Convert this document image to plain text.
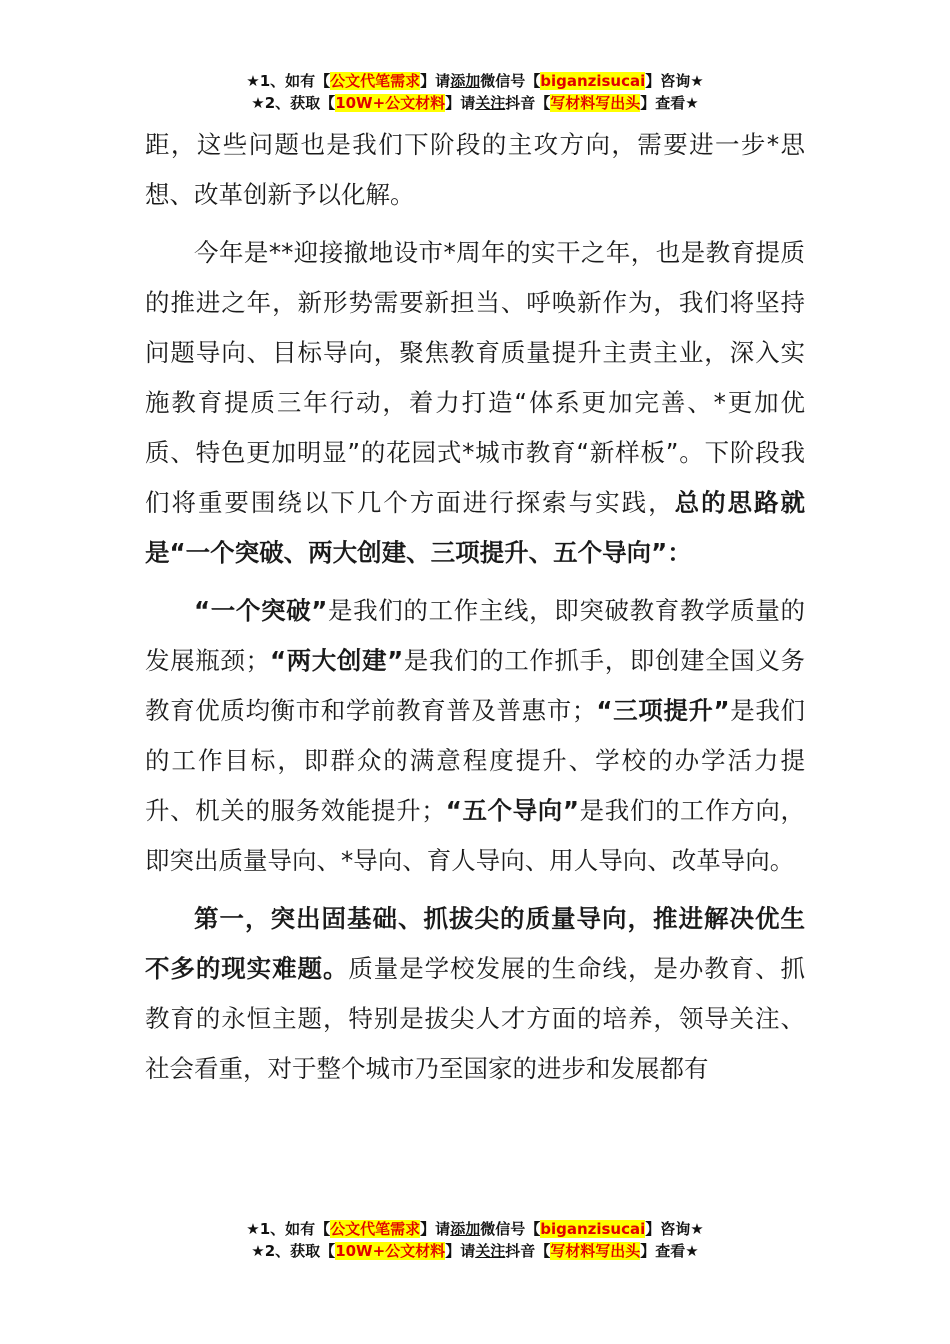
★1、如有【公文代笔需求】请添加微信号【biganzisucai】咨询★
★2、获取【10W+公文材料】请关注抖音【写材料写出头】查看★

距，这些问题也是我们下阶段的主攻方向，需要进一步*思想、改革创新予以化解。

今年是**迎接撤地设市*周年的实干之年，也是教育提质的推进之年，新形势需要新担当、呼唤新作为，我们将坚持问题导向、目标导向，聚焦教育质量提升主责主业，深入实施教育提质三年行动，着力打造“体系更加完善、*更加优质、特色更加明显”的花园式*城市教育“新样板”。下阶段我们将重要围绕以下几个方面进行探索与实践，总的思路就是“一个突破、两大创建、三项提升、五个导向”：

“一个突破”是我们的工作主线，即突破教育教学质量的发展瓶颈；“两大创建”是我们的工作抓手，即创建全国义务教育优质均衡市和学前教育普及普惠市；“三项提升”是我们的工作目标，即群众的满意程度提升、学校的办学活力提升、机关的服务效能提升；“五个导向”是我们的工作方向，即突出质量导向、*导向、育人导向、用人导向、改革导向。

第一，突出固基础、抓拔尖的质量导向，推进解决优生不多的现实难题。质量是学校发展的生命线，是办教育、抓教育的永恒主题，特别是拔尖人才方面的培养，领导关注、社会看重，对于整个城市乃至国家的进步和发展都有

★1、如有【公文代笔需求】请添加微信号【biganzisucai】咨询★
★2、获取【10W+公文材料】请关注抖音【写材料写出头】查看★
